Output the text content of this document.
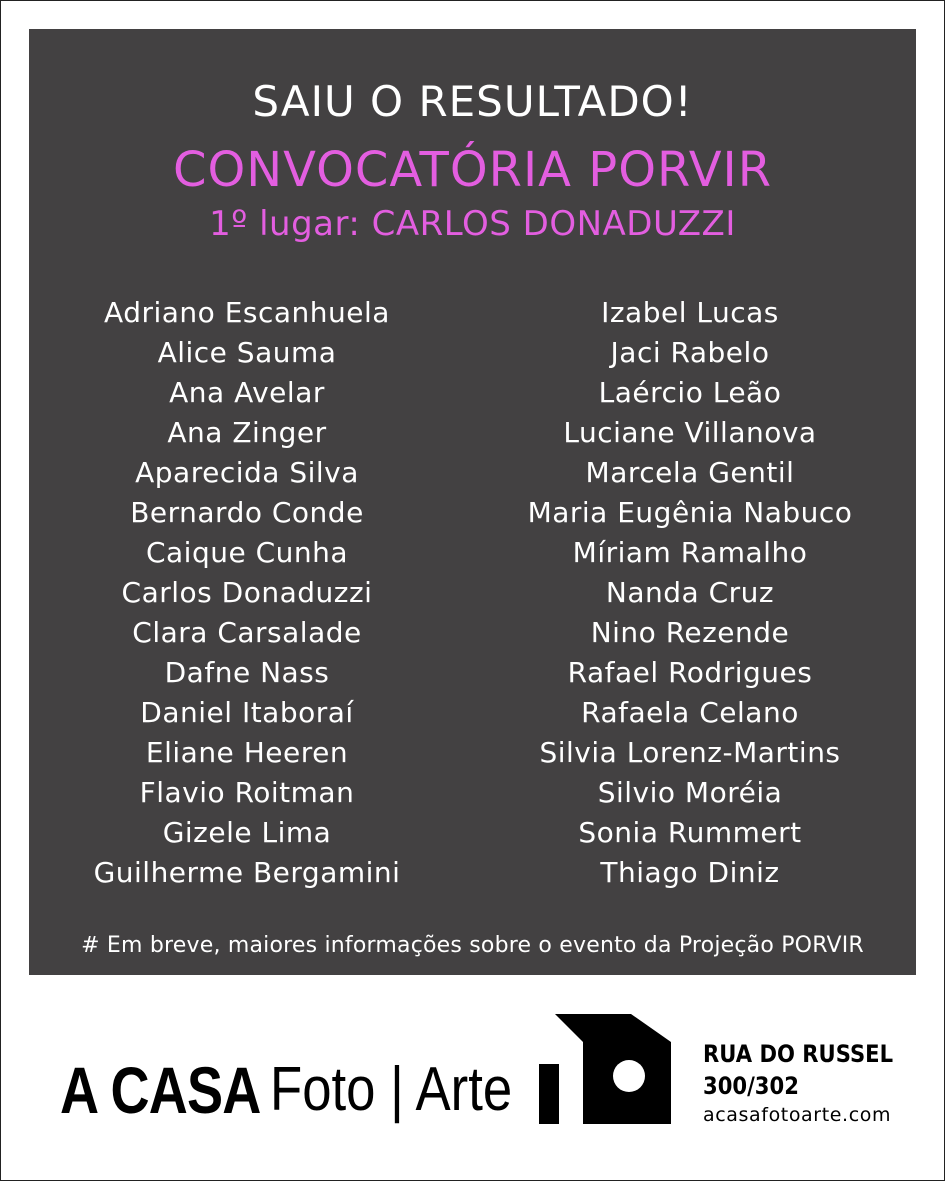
SAIU O RESULTADO!
CONVOCATÓRIA PORVIR
1º lugar: CARLOS DONADUZZI
Adriano Escanhuela
Alice Sauma
Ana Avelar
Ana Zinger
Aparecida Silva
Bernardo Conde
Caique Cunha
Carlos Donaduzzi
Clara Carsalade
Dafne Nass
Daniel Itaboraí
Eliane Heeren
Flavio Roitman
Gizele Lima
Guilherme Bergamini
Izabel Lucas
Jaci Rabelo
Laércio Leão
Luciane Villanova
Marcela Gentil
Maria Eugênia Nabuco
Míriam Ramalho
Nanda Cruz
Nino Rezende
Rafael Rodrigues
Rafaela Celano
Silvia Lorenz-Martins
Silvio Moréia
Sonia Rummert
Thiago Diniz
# Em breve, maiores informações sobre o evento da Projeção PORVIR
A CASA Foto | Arte
RUA DO RUSSEL
300/302
acasafotoarte.com
